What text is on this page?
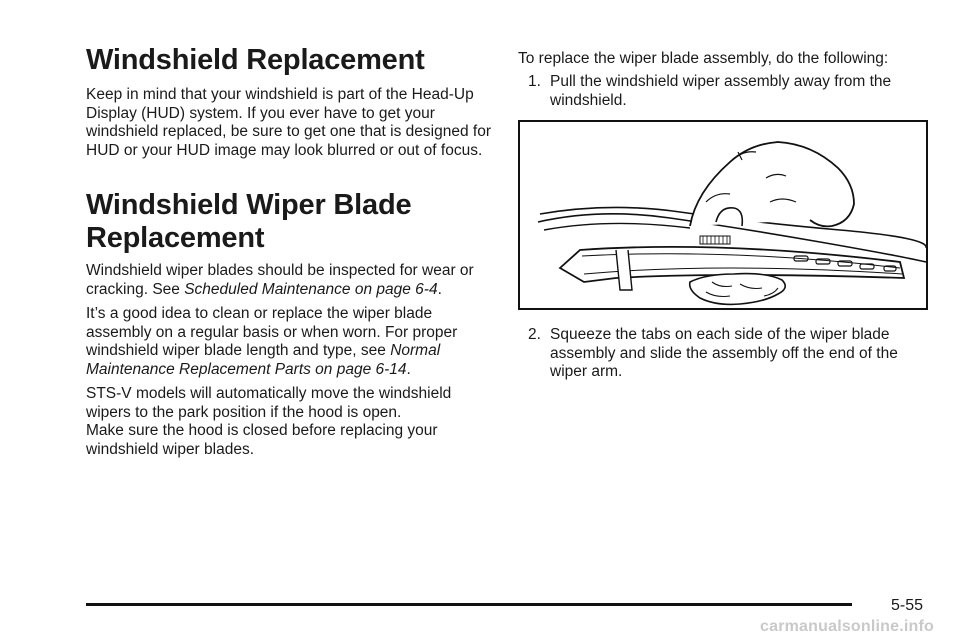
Windshield Replacement

Keep in mind that your windshield is part of the Head-Up Display (HUD) system. If you ever have to get your windshield replaced, be sure to get one that is designed for HUD or your HUD image may look blurred or out of focus.

Windshield Wiper Blade
Replacement

Windshield wiper blades should be inspected for wear or cracking. See Scheduled Maintenance on page 6-4.

It’s a good idea to clean or replace the wiper blade assembly on a regular basis or when worn. For proper windshield wiper blade length and type, see Normal Maintenance Replacement Parts on page 6-14.

STS-V models will automatically move the windshield wipers to the park position if the hood is open.
Make sure the hood is closed before replacing your windshield wiper blades.

To replace the wiper blade assembly, do the following:

1. Pull the windshield wiper assembly away from the windshield.
2. Squeeze the tabs on each side of the wiper blade assembly and slide the assembly off the end of the wiper arm.
5-55
carmanualsonline.info
